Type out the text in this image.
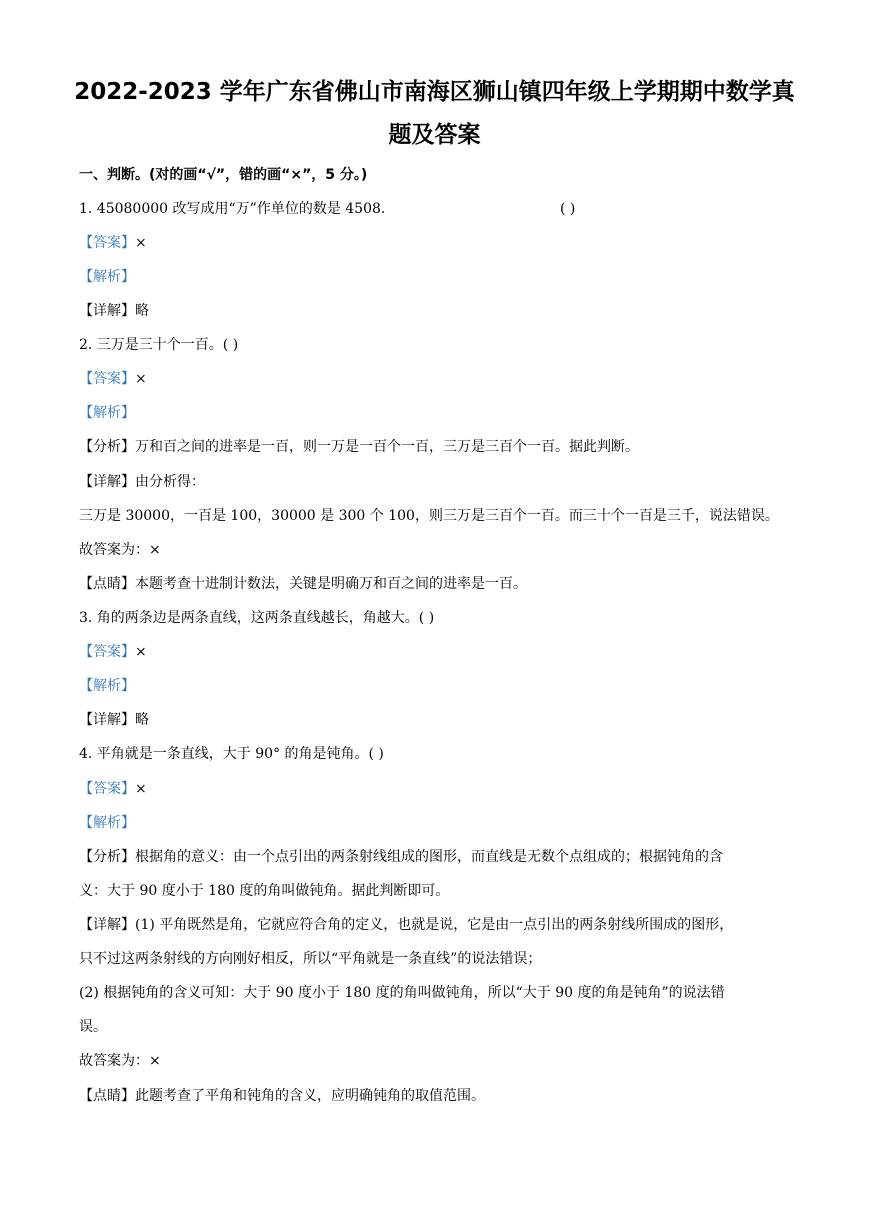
2022-2023 学年广东省佛山市南海区狮山镇四年级上学期期中数学真
题及答案
一、判断。(对的画“√”，错的画“×”，5 分。)
1. 45080000 改写成用“万”作单位的数是 4508.	( )
【答案】×
【解析】
【详解】略
2. 三万是三十个一百。( )
【答案】×
【解析】
【分析】万和百之间的进率是一百，则一万是一百个一百，三万是三百个一百。据此判断。
【详解】由分析得：
三万是 30000，一百是 100，30000 是 300 个 100，则三万是三百个一百。而三十个一百是三千，说法错误。
故答案为：×
【点睛】本题考查十进制计数法，关键是明确万和百之间的进率是一百。
3. 角的两条边是两条直线，这两条直线越长，角越大。( )
【答案】×
【解析】
【详解】略
4. 平角就是一条直线，大于 90° 的角是钝角。( )
【答案】×
【解析】
【分析】根据角的意义：由一个点引出的两条射线组成的图形，而直线是无数个点组成的；根据钝角的含
义：大于 90 度小于 180 度的角叫做钝角。据此判断即可。
【详解】(1) 平角既然是角，它就应符合角的定义，也就是说，它是由一点引出的两条射线所围成的图形，
只不过这两条射线的方向刚好相反，所以“平角就是一条直线”的说法错误；
(2) 根据钝角的含义可知：大于 90 度小于 180 度的角叫做钝角，所以“大于 90 度的角是钝角”的说法错
误。
故答案为：×
【点睛】此题考查了平角和钝角的含义，应明确钝角的取值范围。
